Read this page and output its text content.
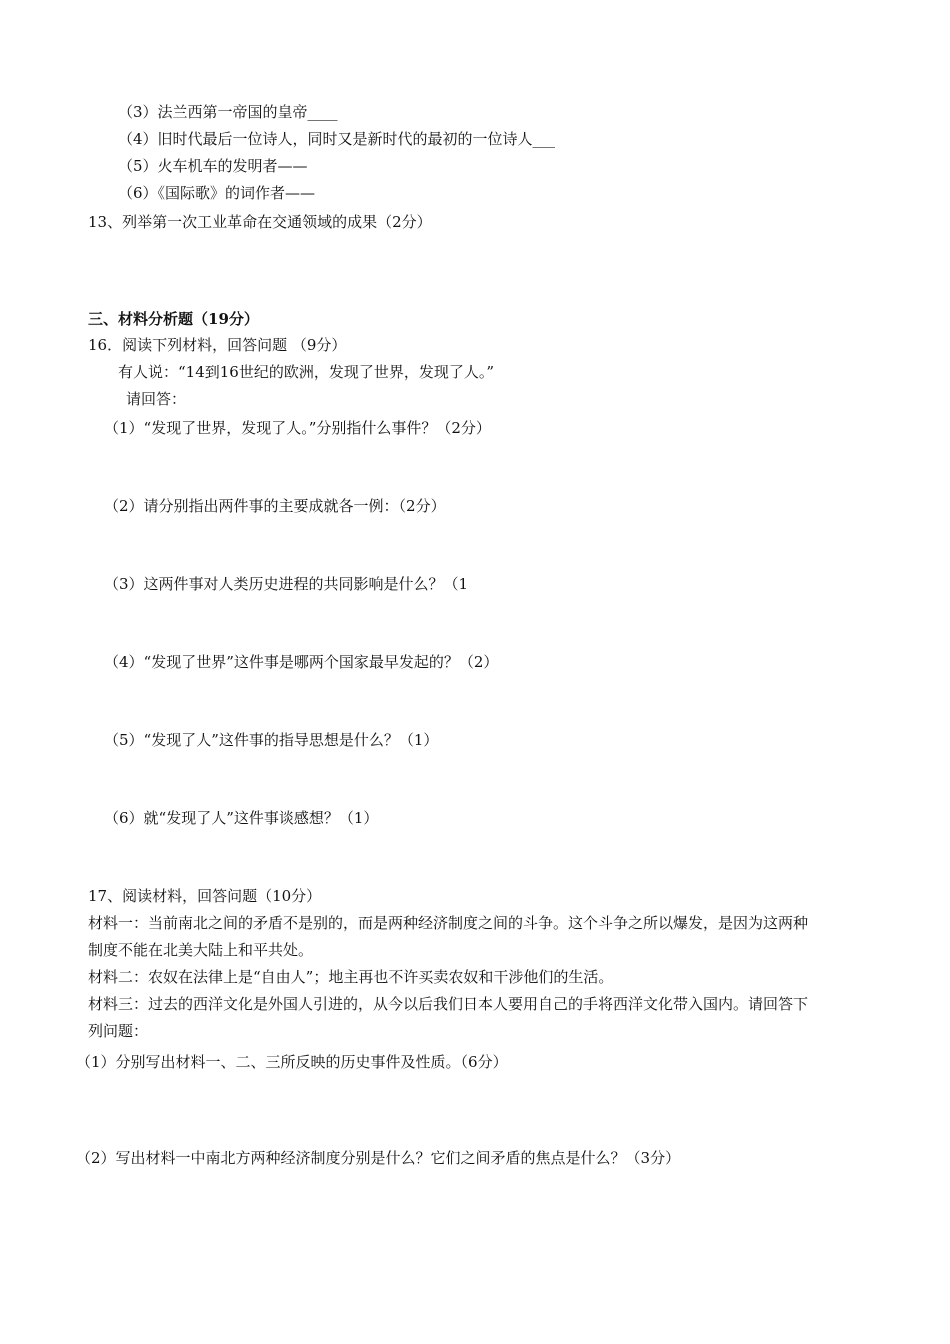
（3）法兰西第一帝国的皇帝____
（4）旧时代最后一位诗人，同时又是新时代的最初的一位诗人___
（5）火车机车的发明者——
（6）《国际歌》的词作者——
13、列举第一次工业革命在交通领域的成果（2分）
三、材料分析题（19分）
16．阅读下列材料，回答问题 （9分）
有人说：“14到16世纪的欧洲，发现了世界，发现了人。”
请回答：
（1）“发现了世界，发现了人。”分别指什么事件？（2分）
（2）请分别指出两件事的主要成就各一例：（2分）
（3）这两件事对人类历史进程的共同影响是什么？（1
（4）“发现了世界”这件事是哪两个国家最早发起的？（2）
（5）“发现了人”这件事的指导思想是什么？（1）
（6）就“发现了人”这件事谈感想？（1）
17、阅读材料，回答问题（10分）
材料一：当前南北之间的矛盾不是别的，而是两种经济制度之间的斗争。这个斗争之所以爆发，是因为这两种
制度不能在北美大陆上和平共处。
材料二：农奴在法律上是“自由人”；地主再也不许买卖农奴和干涉他们的生活。
材料三：过去的西洋文化是外国人引进的，从今以后我们日本人要用自己的手将西洋文化带入国内。请回答下
列问题：
（1）分别写出材料一、二、三所反映的历史事件及性质。（6分）
（2）写出材料一中南北方两种经济制度分别是什么？它们之间矛盾的焦点是什么？（3分）
